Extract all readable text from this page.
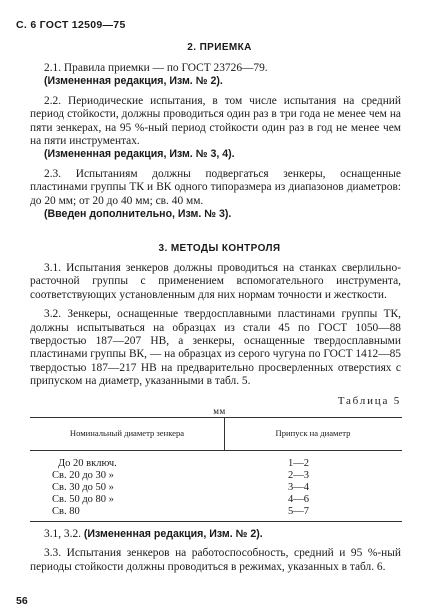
С. 6 ГОСТ 12509—75
2. ПРИЕМКА

2.1. Правила приемки — по ГОСТ 23726—79.

(Измененная редакция, Изм. № 2).

2.2. Периодические испытания, в том числе испытания на средний период стойкости, должны проводиться один раз в три года не менее чем на пяти зенкерах, на 95 %-ный период стойкости один раз в год не менее чем на пяти инструментах.

(Измененная редакция, Изм. № 3, 4).

2.3. Испытаниям должны подвергаться зенкеры, оснащенные пластинами группы ТК и ВК одного типоразмера из диапазонов диаметров: до 20 мм; от 20 до 40 мм; св. 40 мм.

(Введен дополнительно, Изм. № 3).

3. МЕТОДЫ КОНТРОЛЯ

3.1. Испытания зенкеров должны проводиться на станках сверлильно-расточной группы с применением вспомогательного инструмента, соответствующих установленным для них нормам точности и жесткости.

3.2. Зенкеры, оснащенные твердосплавными пластинами группы ТК, должны испытываться на образцах из стали 45 по ГОСТ 1050—88 твердостью 187—207 НВ, а зенкеры, оснащенные твердосплавными пластинами группы ВК, — на образцах из серого чугуна по ГОСТ 1412—85 твердостью 187—217 НВ на предварительно просверленных отверстиях с припуском на диаметр, указанными в табл. 5.

Таблица 5
мм
Номинальный диаметр зенкера	Припуск на диаметр
До 20 включ.	1—2
Св. 20 до 30 »	2—3
Св. 30 до 50 »	3—4
Св. 50 до 80 »	4—6
Св. 80	5—7

3.1, 3.2. (Измененная редакция, Изм. № 2).

3.3. Испытания зенкеров на работоспособность, средний и 95 %-ный периоды стойкости должны проводиться в режимах, указанных в табл. 6.

56
